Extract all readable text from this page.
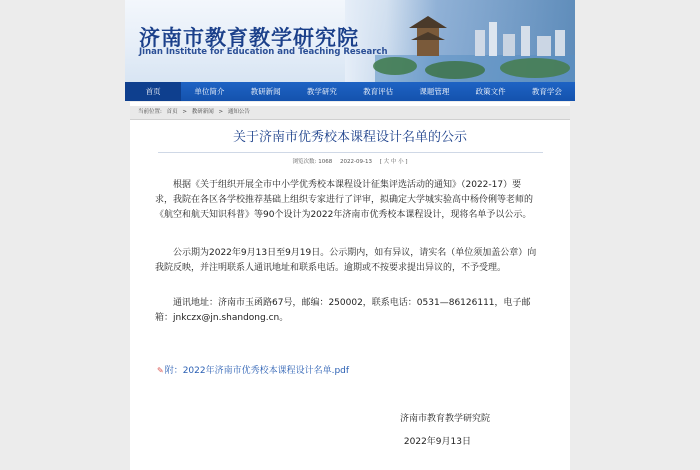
济南市教育教学研究院
Jinan Institute for Education and Teaching Research
首页	单位简介	教研新闻	教学研究	教育评估	课题管理	政策文件	教育学会
当前位置: 首页 > 教研新闻 > 通知公告
关于济南市优秀校本课程设计名单的公示
浏览次数: 1068 2022-09-13 [ 大 中 小 ]

根据《关于组织开展全市中小学优秀校本课程设计征集评选活动的通知》（2022-17）要求，我院在各区各学校推荐基础上组织专家进行了评审，拟确定大学城实验高中杨伶俐等老师的《航空和航天知识科普》等90个设计为2022年济南市优秀校本课程设计，现将名单予以公示。

公示期为2022年9月13日至9月19日。公示期内，如有异议，请实名（单位须加盖公章）向我院反映，并注明联系人通讯地址和联系电话。逾期或不按要求提出异议的，不予受理。

通讯地址：济南市玉函路67号，邮编：250002，联系电话：0531—86126111，电子邮箱：jnkczx@jn.shandong.cn。

✎附：2022年济南市优秀校本课程设计名单.pdf
济南市教育教学研究院
2022年9月13日
